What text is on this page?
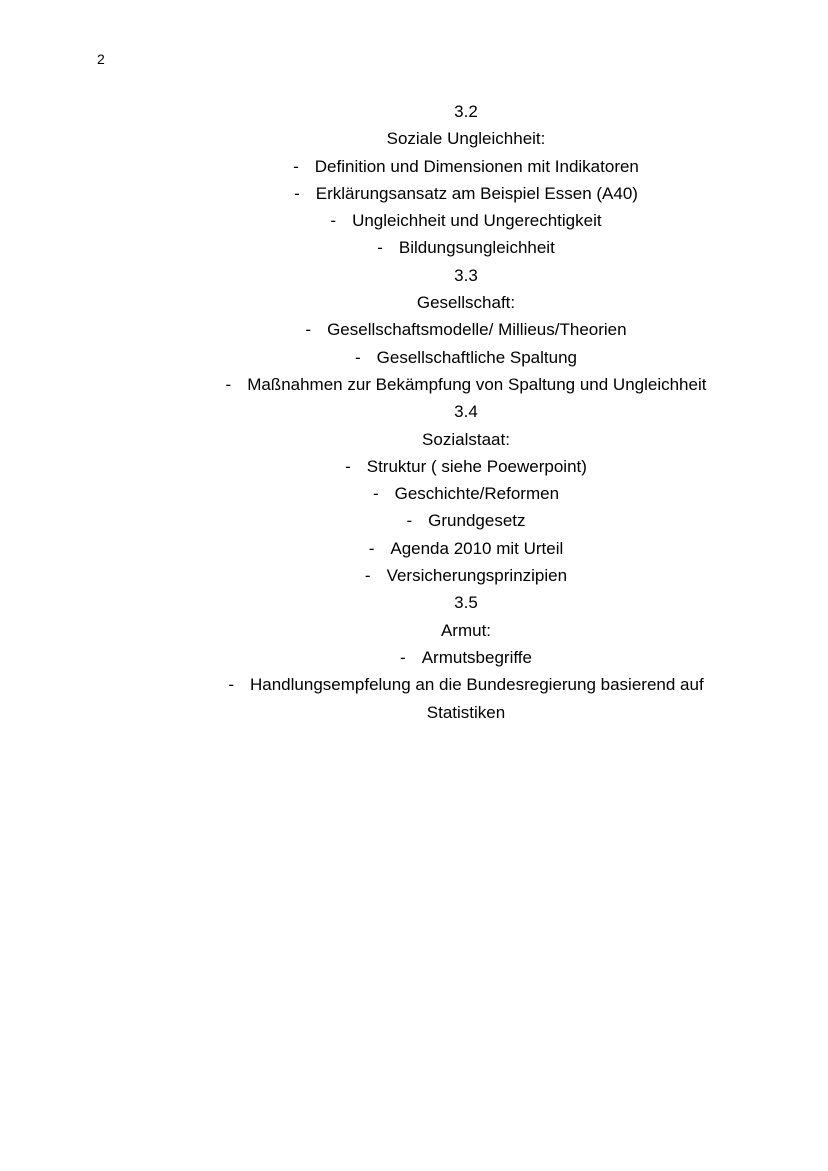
2
3.2
Soziale Ungleichheit:
- Definition und Dimensionen mit Indikatoren
- Erklärungsansatz am Beispiel Essen (A40)
- Ungleichheit und Ungerechtigkeit
- Bildungsungleichheit
3.3
Gesellschaft:
- Gesellschaftsmodelle/ Millieus/Theorien
- Gesellschaftliche Spaltung
- Maßnahmen zur Bekämpfung von Spaltung und Ungleichheit
3.4
Sozialstaat:
- Struktur ( siehe Poewerpoint)
- Geschichte/Reformen
- Grundgesetz
- Agenda 2010 mit Urteil
- Versicherungsprinzipien
3.5
Armut:
- Armutsbegriffe
- Handlungsempfelung an die Bundesregierung basierend auf Statistiken
